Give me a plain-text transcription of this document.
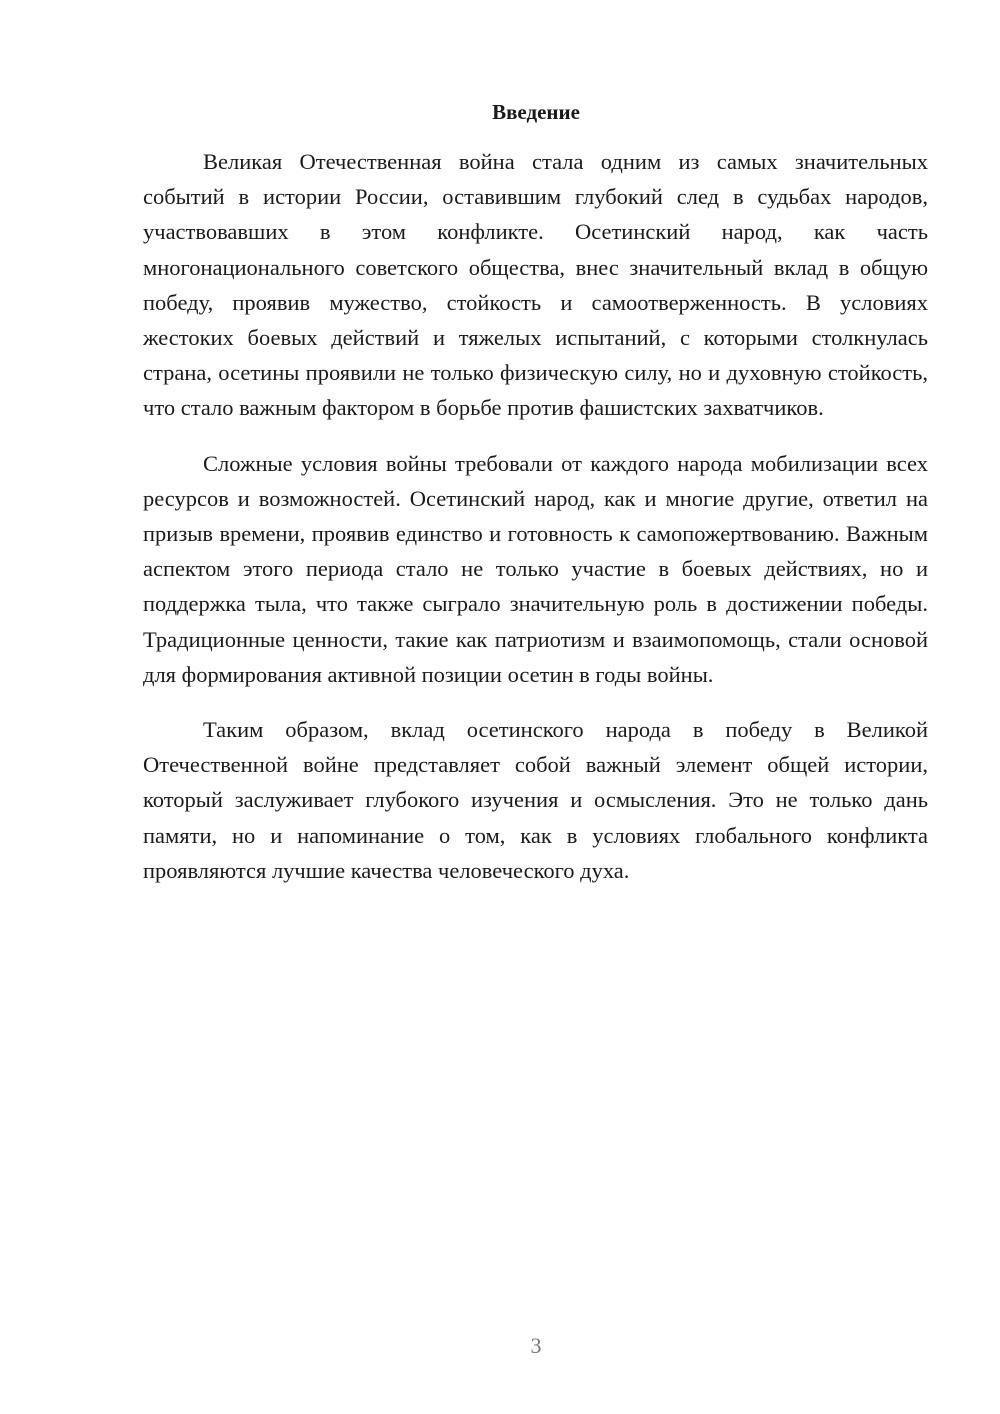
Введение

Великая Отечественная война стала одним из самых значительных событий в истории России, оставившим глубокий след в судьбах народов, участвовавших в этом конфликте. Осетинский народ, как часть многонационального советского общества, внес значительный вклад в общую победу, проявив мужество, стойкость и самоотверженность. В условиях жестоких боевых действий и тяжелых испытаний, с которыми столкнулась страна, осетины проявили не только физическую силу, но и духовную стойкость, что стало важным фактором в борьбе против фашистских захватчиков.

Сложные условия войны требовали от каждого народа мобилизации всех ресурсов и возможностей. Осетинский народ, как и многие другие, ответил на призыв времени, проявив единство и готовность к самопожертвованию. Важным аспектом этого периода стало не только участие в боевых действиях, но и поддержка тыла, что также сыграло значительную роль в достижении победы. Традиционные ценности, такие как патриотизм и взаимопомощь, стали основой для формирования активной позиции осетин в годы войны.

Таким образом, вклад осетинского народа в победу в Великой Отечественной войне представляет собой важный элемент общей истории, который заслуживает глубокого изучения и осмысления. Это не только дань памяти, но и напоминание о том, как в условиях глобального конфликта проявляются лучшие качества человеческого духа.

3
